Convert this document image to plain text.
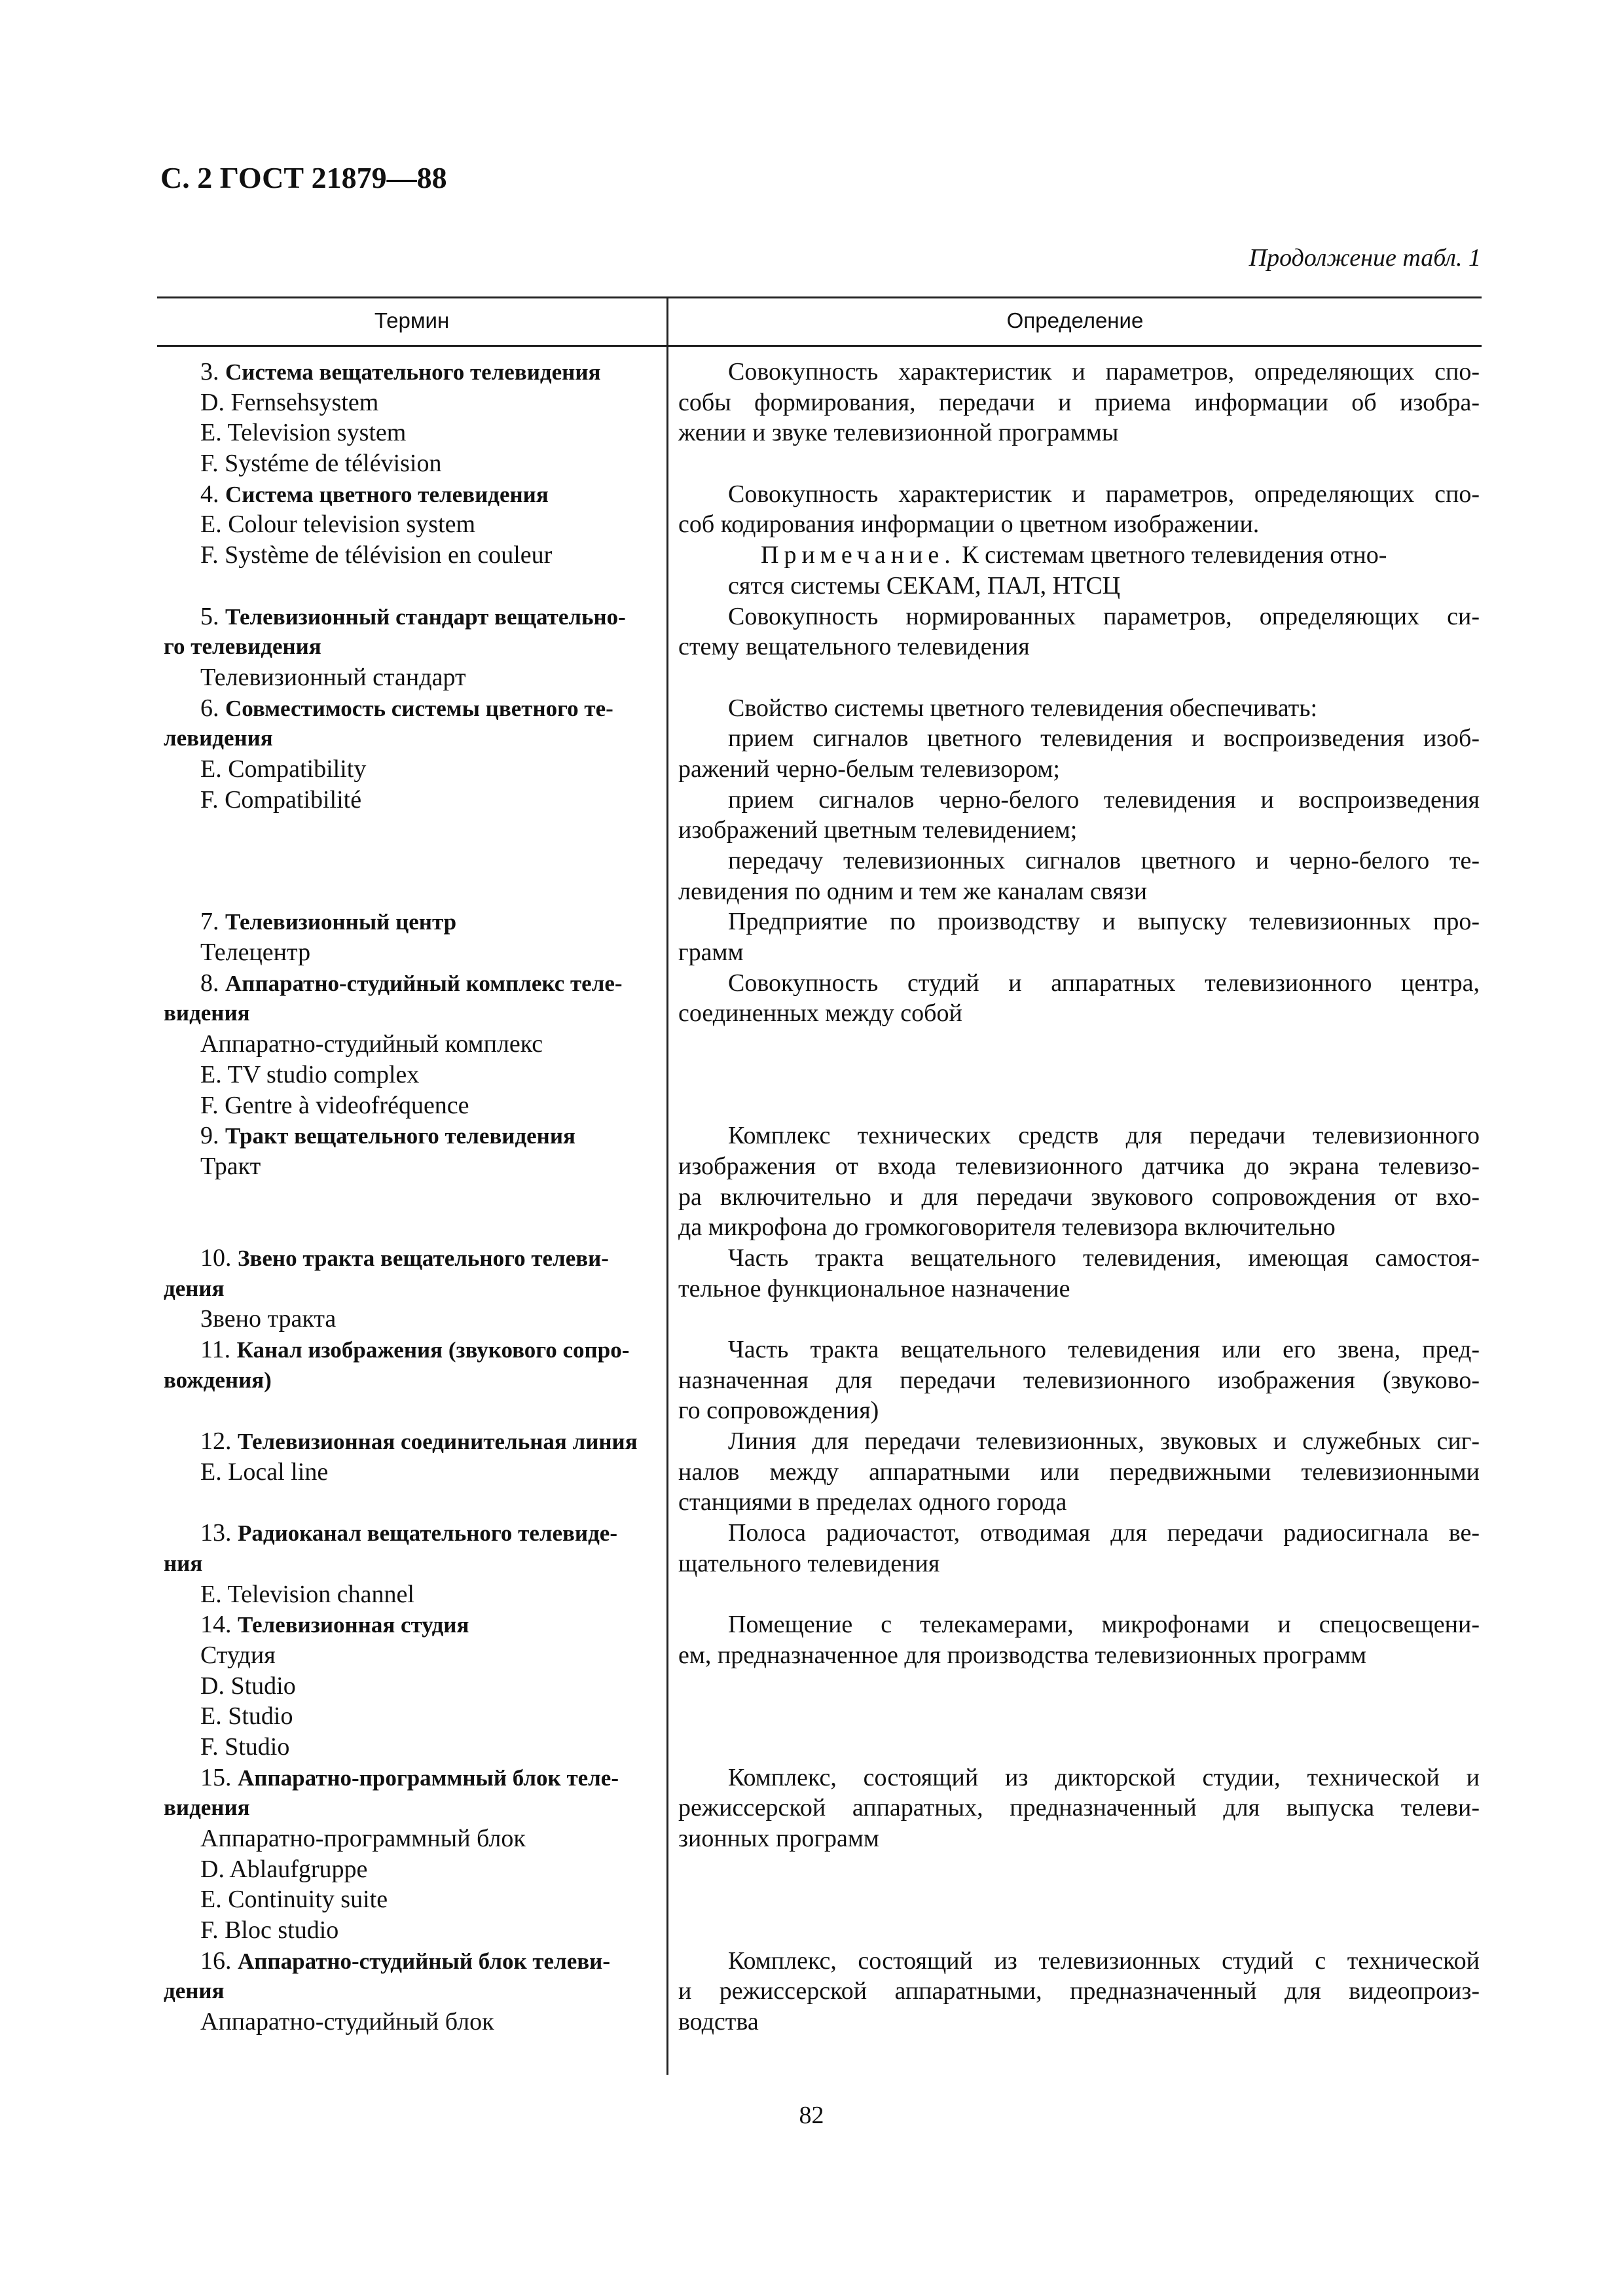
С. 2 ГОСТ 21879—88
Продолжение табл. 1
Термин	Определение
3. Система вещательного телевидения
D. Fernsehsystem
E. Television system
F. Systéme de télévision
Совокупность характеристик и параметров, определяющих спо-
собы формирования, передачи и приема информации об изобра-
жении и звуке телевизионной программы
4. Система цветного телевидения
E. Colour television system
F. Systѐme de télévision en couleur
Совокупность характеристик и параметров, определяющих спо-
соб кодирования информации о цветном изображении.
Примечание. К системам цветного телевидения отно-
сятся системы СЕКАМ, ПАЛ, НТСЦ
5. Телевизионный стандарт вещательно-
го телевидения
Телевизионный стандарт
Совокупность нормированных параметров, определяющих си-
стему вещательного телевидения
6. Совместимость системы цветного те-
левидения
E. Compatibility
F. Compatibilité
Свойство системы цветного телевидения обеспечивать:
прием сигналов цветного телевидения и воспроизведения изоб-
ражений черно-белым телевизором;
прием сигналов черно-белого телевидения и воспроизведения
изображений цветным телевидением;
передачу телевизионных сигналов цветного и черно-белого те-
левидения по одним и тем же каналам связи
7. Телевизионный центр
Телецентр
Предприятие по производству и выпуску телевизионных про-
грамм
8. Аппаратно-студийный комплекс теле-
видения
Аппаратно-студийный комплекс
E. TV studio complex
F. Gentre à videofréquence
Совокупность студий и аппаратных телевизионного центра,
соединенных между собой
9. Тракт вещательного телевидения
Тракт
Комплекс технических средств для передачи телевизионного
изображения от входа телевизионного датчика до экрана телевизо-
ра включительно и для передачи звукового сопровождения от вхо-
да микрофона до громкоговорителя телевизора включительно
10. Звено тракта вещательного телеви-
дения
Звено тракта
Часть тракта вещательного телевидения, имеющая самостоя-
тельное функциональное назначение
11. Канал изображения (звукового сопро-
вождения)
Часть тракта вещательного телевидения или его звена, пред-
назначенная для передачи телевизионного изображения (звуково-
го сопровождения)
12. Телевизионная соединительная линия
E. Local line
Линия для передачи телевизионных, звуковых и служебных сиг-
налов между аппаратными или передвижными телевизионными
станциями в пределах одного города
13. Радиоканал вещательного телевиде-
ния
E. Television channel
Полоса радиочастот, отводимая для передачи радиосигнала ве-
щательного телевидения
14. Телевизионная студия
Студия
D. Studio
E. Studio
F. Studio
Помещение с телекамерами, микрофонами и спецосвещени-
ем, предназначенное для производства телевизионных программ
15. Аппаратно-программный блок теле-
видения
Аппаратно-программный блок
D. Ablaufgruppe
E. Continuity suite
F. Bloc studio
Комплекс, состоящий из дикторской студии, технической и
режиссерской аппаратных, предназначенный для выпуска телеви-
зионных программ
16. Аппаратно-студийный блок телеви-
дения
Аппаратно-студийный блок
Комплекс, состоящий из телевизионных студий с технической
и режиссерской аппаратными, предназначенный для видеопроиз-
водства
82
